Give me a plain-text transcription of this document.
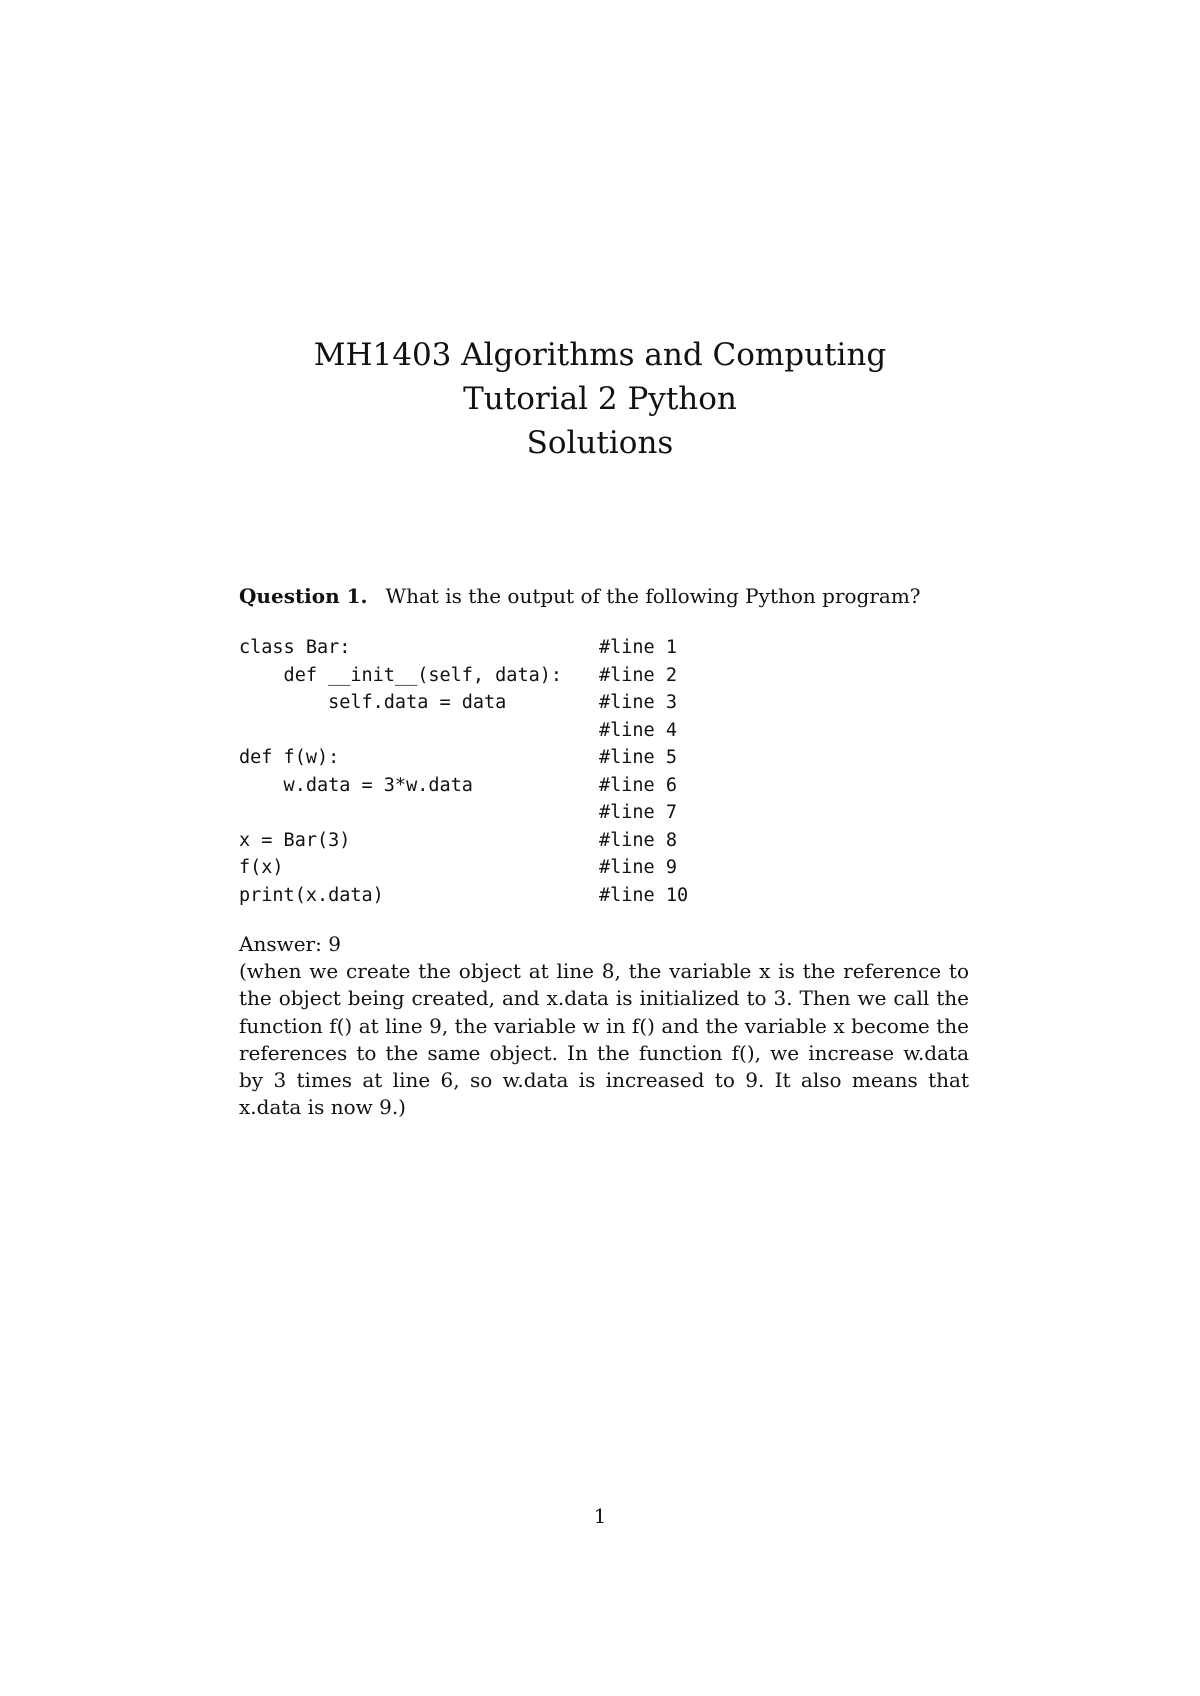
MH1403 Algorithms and Computing
Tutorial 2 Python
Solutions
Question 1. What is the output of the following Python program?
class Bar:	#line 1
def __init__(self, data):	#line 2
self.data = data	#line 3
#line 4
def f(w):	#line 5
w.data = 3*w.data	#line 6
#line 7
x = Bar(3)	#line 8
f(x)	#line 9
print(x.data)	#line 10
Answer: 9
(when we create the object at line 8, the variable x is the reference to the object being created, and x.data is initialized to 3. Then we call the function f() at line 9, the variable w in f() and the variable x become the references to the same object. In the function f(), we increase w.data by 3 times at line 6, so w.data is increased to 9. It also means that x.data is now 9.)
1
